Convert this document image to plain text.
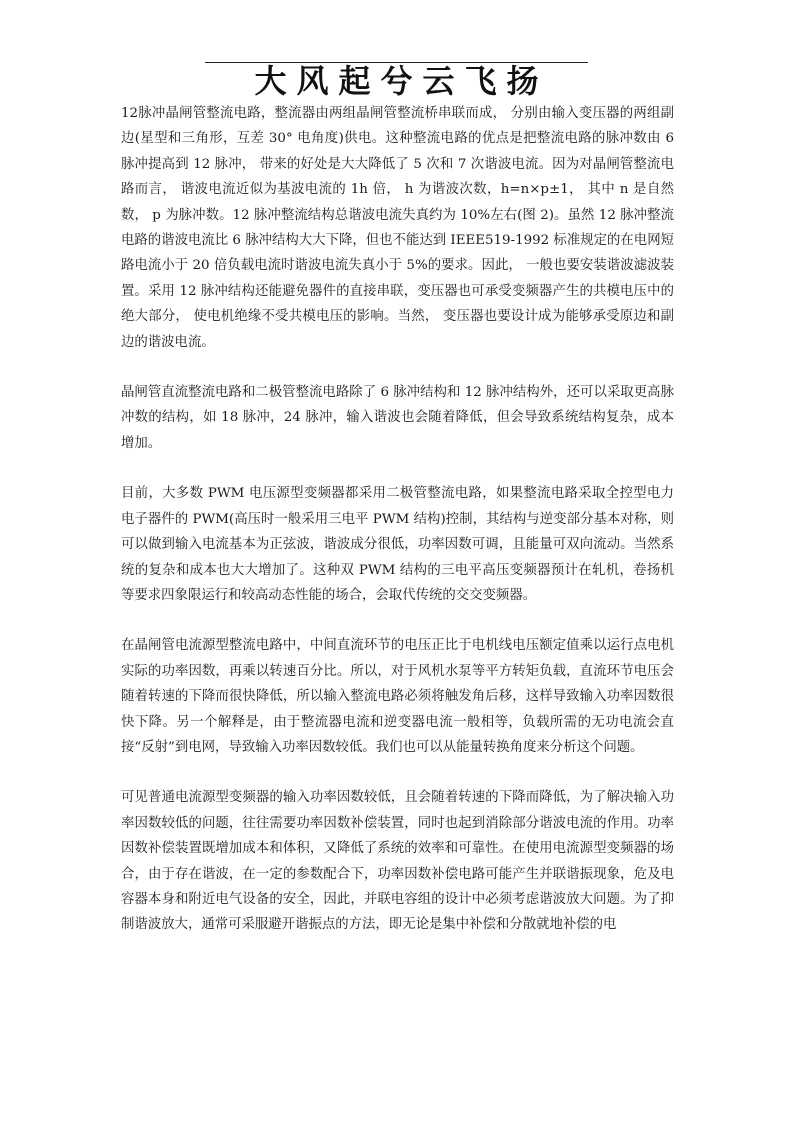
大风起兮云飞扬

12脉冲晶闸管整流电路，整流器由两组晶闸管整流桥串联而成， 分别由输入变压器的两组副边(星型和三角形，互差 30° 电角度)供电。这种整流电路的优点是把整流电路的脉冲数由 6 脉冲提高到 12 脉冲， 带来的好处是大大降低了 5 次和 7 次谐波电流。因为对晶闸管整流电路而言， 谐波电流近似为基波电流的 1h 倍， h 为谐波次数，h=n×p±1， 其中 n 是自然数， p 为脉冲数。12 脉冲整流结构总谐波电流失真约为 10%左右(图 2)。虽然 12 脉冲整流电路的谐波电流比 6 脉冲结构大大下降，但也不能达到 IEEE519-1992 标准规定的在电网短路电流小于 20 倍负载电流时谐波电流失真小于 5%的要求。因此， 一般也要安装谐波滤波装置。采用 12 脉冲结构还能避免器件的直接串联，变压器也可承受变频器产生的共模电压中的绝大部分， 使电机绝缘不受共模电压的影响。当然， 变压器也要设计成为能够承受原边和副边的谐波电流。

晶闸管直流整流电路和二极管整流电路除了 6 脉冲结构和 12 脉冲结构外，还可以采取更高脉冲数的结构，如 18 脉冲，24 脉冲，输入谐波也会随着降低，但会导致系统结构复杂，成本增加。

目前，大多数 PWM 电压源型变频器都采用二极管整流电路，如果整流电路采取全控型电力电子器件的 PWM(高压时一般采用三电平 PWM 结构)控制，其结构与逆变部分基本对称，则可以做到输入电流基本为正弦波，谐波成分很低，功率因数可调，且能量可双向流动。当然系统的复杂和成本也大大增加了。这种双 PWM 结构的三电平高压变频器预计在轧机，卷扬机等要求四象限运行和较高动态性能的场合，会取代传统的交交变频器。

在晶闸管电流源型整流电路中，中间直流环节的电压正比于电机线电压额定值乘以运行点电机实际的功率因数，再乘以转速百分比。所以，对于风机水泵等平方转矩负载，直流环节电压会随着转速的下降而很快降低，所以输入整流电路必须将触发角后移，这样导致输入功率因数很快下降。另一个解释是，由于整流器电流和逆变器电流一般相等，负载所需的无功电流会直接“反射”到电网，导致输入功率因数较低。我们也可以从能量转换角度来分析这个问题。

可见普通电流源型变频器的输入功率因数较低，且会随着转速的下降而降低，为了解决输入功率因数较低的问题，往往需要功率因数补偿装置，同时也起到消除部分谐波电流的作用。功率因数补偿装置既增加成本和体积，又降低了系统的效率和可靠性。在使用电流源型变频器的场合，由于存在谐波，在一定的参数配合下，功率因数补偿电路可能产生并联谐振现象，危及电容器本身和附近电气设备的安全，因此，并联电容组的设计中必须考虑谐波放大问题。为了抑制谐波放大，通常可采服避开谐振点的方法，即无论是集中补偿和分散就地补偿的电
